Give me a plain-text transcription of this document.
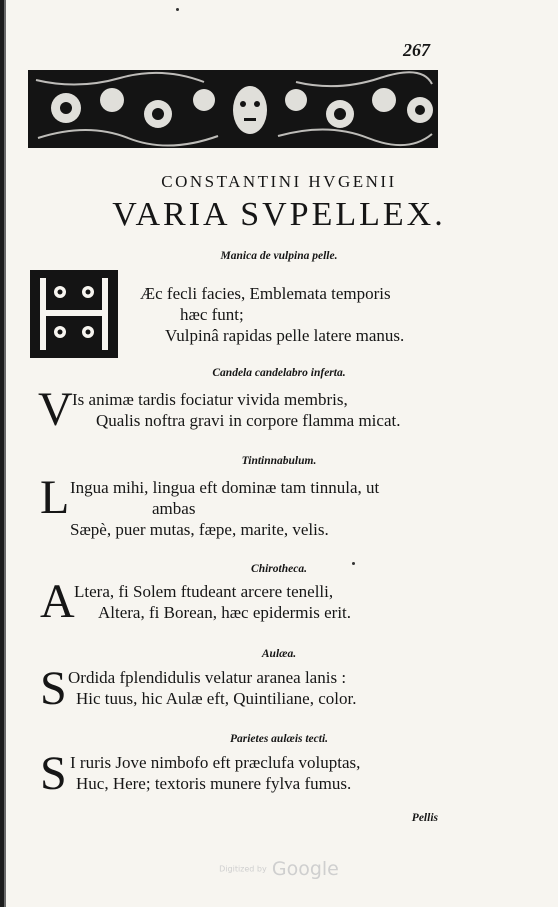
267
CONSTANTINI HVGENII
VARIA SVPELLEX.
Manica de vulpina pelle.
Æc fecli facies, Emblemata temporis
hæc funt;
Vulpinâ rapidas pelle latere manus.
Candela candelabro inferta.
V Is animæ tardis fociatur vivida membris,
Qualis noftra gravi in corpore flamma micat.
Tintinnabulum.
L Ingua mihi, lingua eft dominæ tam tinnula, ut
ambas
Sæpè, puer mutas, fæpe, marite, velis.
Chirotheca.
A Ltera, fi Solem ftudeant arcere tenelli,
Altera, fi Borean, hæc epidermis erit.
Aulæa.
S Ordida fplendidulis velatur aranea lanis :
Hic tuus, hic Aulæ eft, Quintiliane, color.
Parietes aulæis tecti.
S I ruris Jove nimbofo eft præclufa voluptas,
Huc, Here; textoris munere fylva fumus.
Pellis
Digitized by Google
